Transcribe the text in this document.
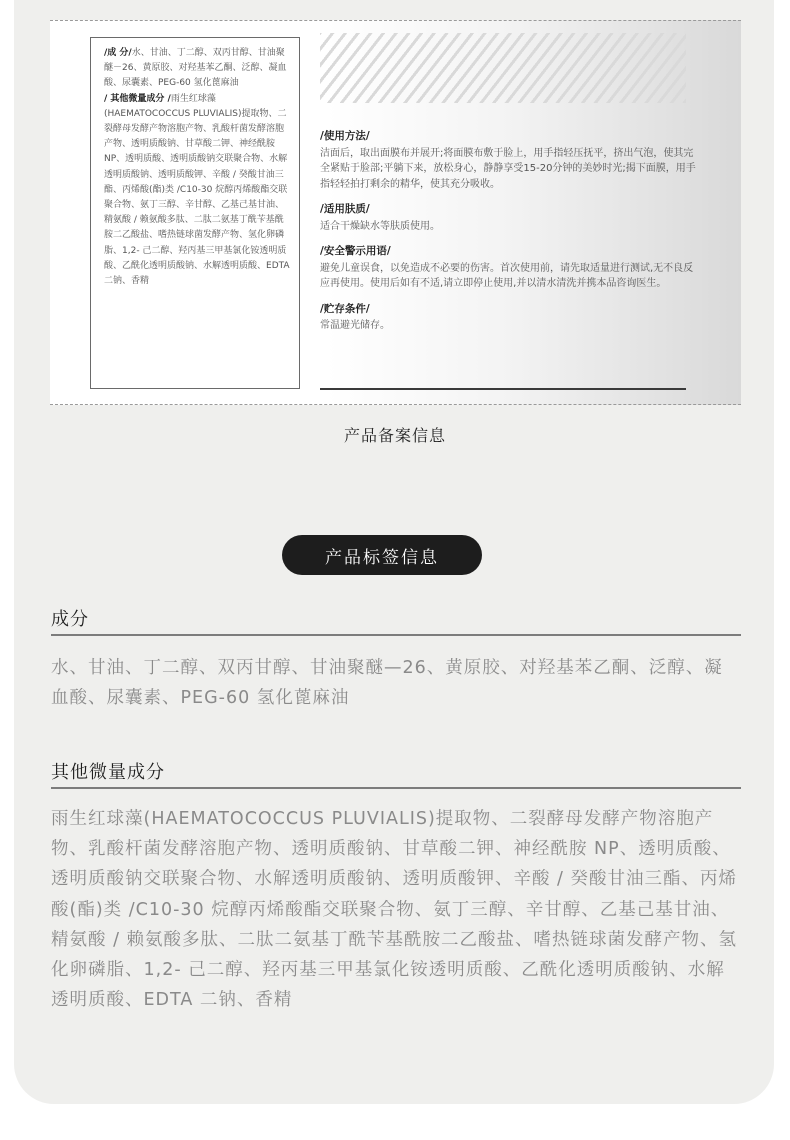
/成 分/水、甘油、丁二醇、双丙甘醇、甘油聚醚－26、黄原胶、对羟基苯乙酮、泛醇、凝血酸、尿囊素、PEG-60 氢化蓖麻油
/ 其他微量成分 /雨生红球藻(HAEMATOCOCCUS PLUVIALIS)提取物、二裂酵母发酵产物溶胞产物、乳酸杆菌发酵溶胞产物、透明质酸钠、甘草酸二钾、神经酰胺NP、透明质酸、透明质酸钠交联聚合物、水解透明质酸钠、透明质酸钾、辛酸 / 癸酸甘油三酯、丙烯酸(酯)类 /C10-30 烷醇丙烯酸酯交联聚合物、氨丁三醇、辛甘醇、乙基己基甘油、精氨酸 / 赖氨酸多肽、二肽二氨基丁酰苄基酰胺二乙酸盐、嗜热链球菌发酵产物、氢化卵磷脂、1,2- 己二醇、羟丙基三甲基氯化铵透明质酸、乙酰化透明质酸钠、水解透明质酸、EDTA 二钠、香精
/使用方法/
洁面后，取出面膜布并展开;将面膜布敷于脸上，用手指轻压抚平，挤出气泡，使其完全紧贴于脸部;平躺下来，放松身心，静静享受15-20分钟的美妙时光;揭下面膜，用手指轻轻拍打剩余的精华，使其充分吸收。
/适用肤质/
适合干燥缺水等肤质使用。
/安全警示用语/
避免儿童误食，以免造成不必要的伤害。首次使用前，请先取适量进行测试,无不良反应再使用。使用后如有不适,请立即停止使用,并以清水清洗并携本品咨询医生。
/贮存条件/
常温避光储存。
产品备案信息
产品标签信息
成分
水、甘油、丁二醇、双丙甘醇、甘油聚醚—26、黄原胶、对羟基苯乙酮、泛醇、凝血酸、尿囊素、PEG-60 氢化蓖麻油
其他微量成分
雨生红球藻(HAEMATOCOCCUS PLUVIALIS)提取物、二裂酵母发酵产物溶胞产物、乳酸杆菌发酵溶胞产物、透明质酸钠、甘草酸二钾、神经酰胺 NP、透明质酸、透明质酸钠交联聚合物、水解透明质酸钠、透明质酸钾、辛酸 / 癸酸甘油三酯、丙烯酸(酯)类 /C10-30 烷醇丙烯酸酯交联聚合物、氨丁三醇、辛甘醇、乙基己基甘油、精氨酸 / 赖氨酸多肽、二肽二氨基丁酰苄基酰胺二乙酸盐、嗜热链球菌发酵产物、氢化卵磷脂、1,2- 己二醇、羟丙基三甲基氯化铵透明质酸、乙酰化透明质酸钠、水解透明质酸、EDTA 二钠、香精
